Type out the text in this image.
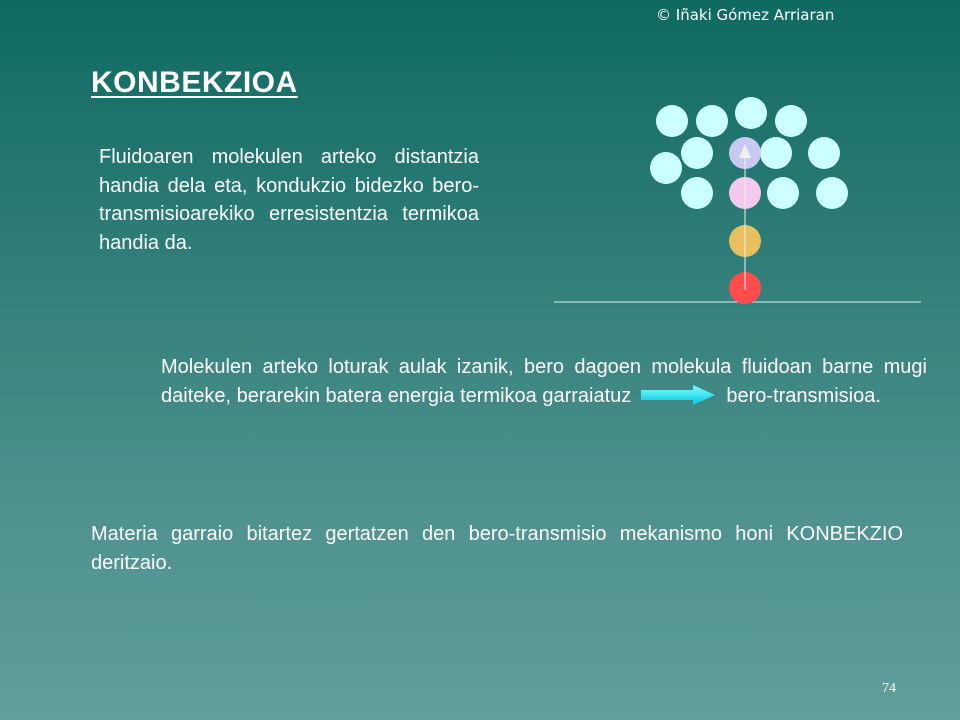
© Iñaki Gómez Arriaran
KONBEKZIOA
Fluidoaren molekulen arteko distantzia handia dela eta, kondukzio bidezko bero-transmisioarekiko erresistentzia termikoa handia da.
Molekulen arteko loturak aulak izanik, bero dagoen molekula fluidoan barne mugi daiteke, berarekin batera energia termikoa garraiatuz	bero-transmisioa.
Materia garraio bitartez gertatzen den bero-transmisio mekanismo honi KONBEKZIO deritzaio.
74
